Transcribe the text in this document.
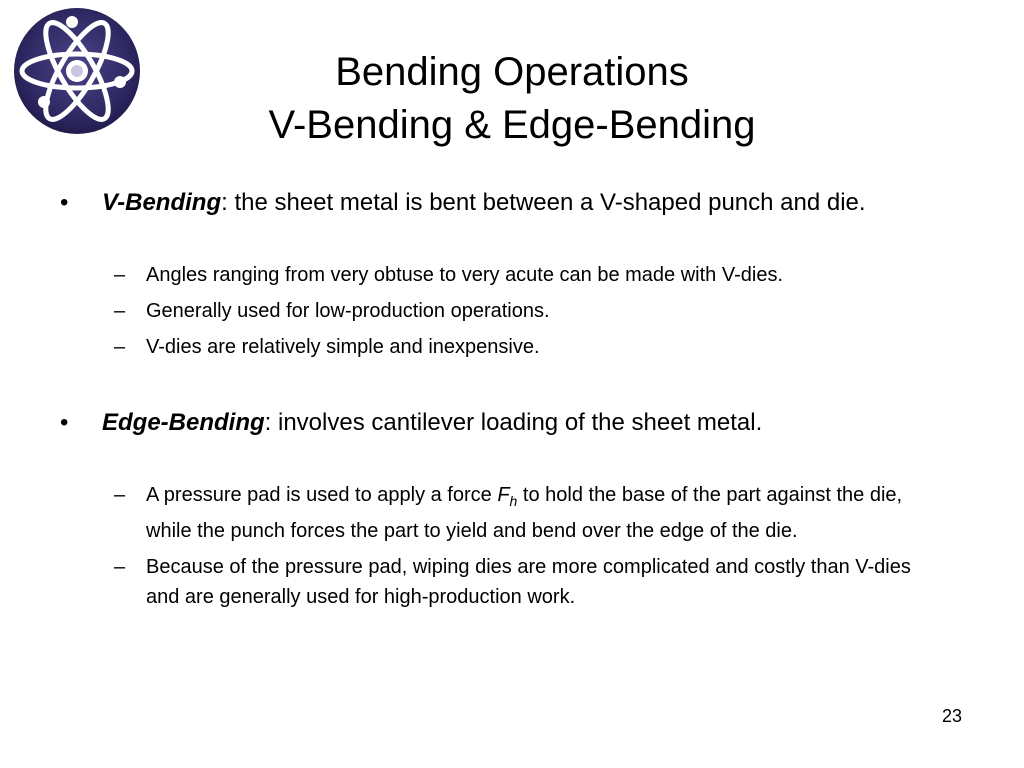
Bending Operations
V-Bending & Edge-Bending
• V-Bending: the sheet metal is bent between a V-shaped punch and die.
– Angles ranging from very obtuse to very acute can be made with V-dies.
– Generally used for low-production operations.
– V-dies are relatively simple and inexpensive.
• Edge-Bending: involves cantilever loading of the sheet metal.
– A pressure pad is used to apply a force $F_h$ to hold the base of the part against the die, while the punch forces the part to yield and bend over the edge of the die.
– Because of the pressure pad, wiping dies are more complicated and costly than V-dies and are generally used for high-production work.
23
